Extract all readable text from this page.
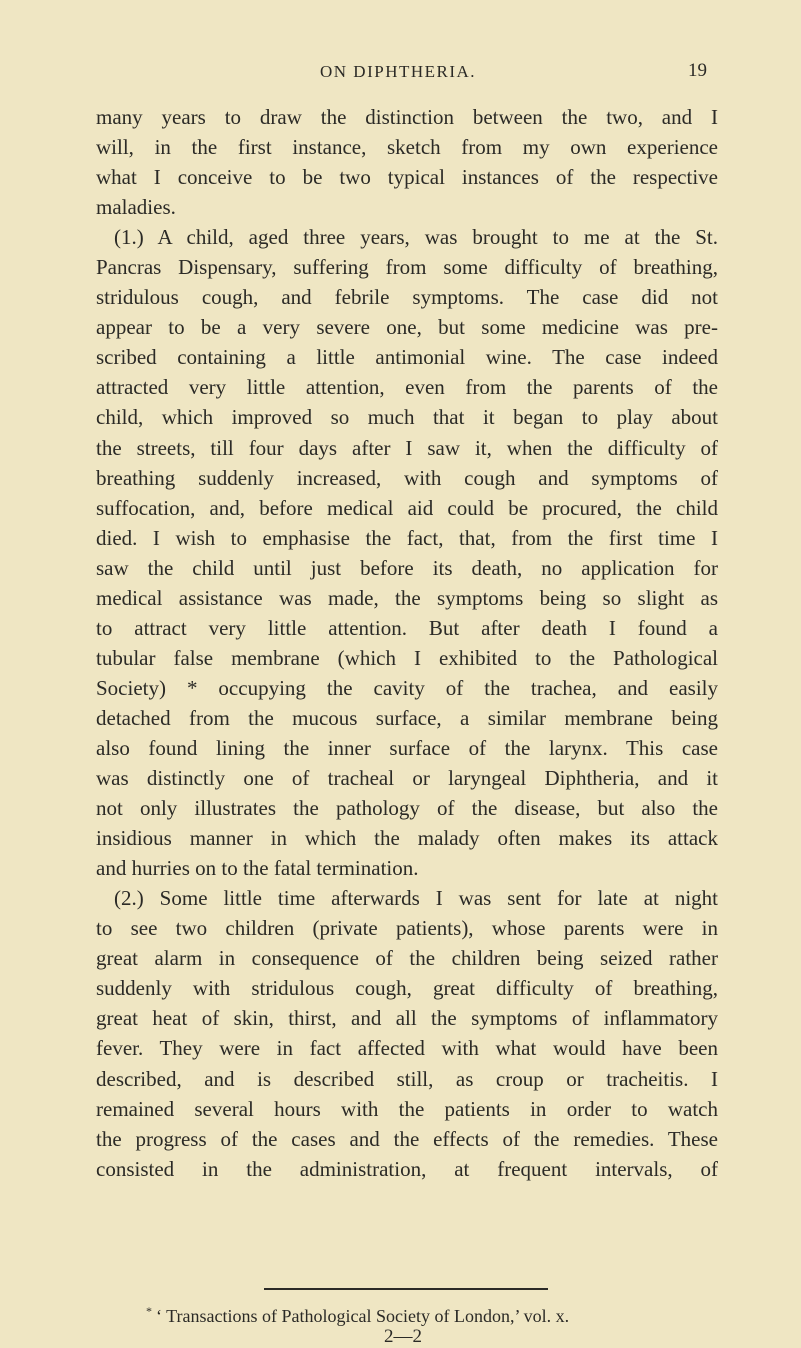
ON DIPHTHERIA.	19
many years to draw the distinction between the two, and I
will, in the first instance, sketch from my own experience
what I conceive to be two typical instances of the respective
maladies.
(1.) A child, aged three years, was brought to me at the St.
Pancras Dispensary, suffering from some difficulty of breathing,
stridulous cough, and febrile symptoms. The case did not
appear to be a very severe one, but some medicine was pre-
scribed containing a little antimonial wine. The case indeed
attracted very little attention, even from the parents of the
child, which improved so much that it began to play about
the streets, till four days after I saw it, when the difficulty of
breathing suddenly increased, with cough and symptoms of
suffocation, and, before medical aid could be procured, the child
died. I wish to emphasise the fact, that, from the first time I
saw the child until just before its death, no application for
medical assistance was made, the symptoms being so slight as
to attract very little attention. But after death I found a
tubular false membrane (which I exhibited to the Pathological
Society) * occupying the cavity of the trachea, and easily
detached from the mucous surface, a similar membrane being
also found lining the inner surface of the larynx. This case
was distinctly one of tracheal or laryngeal Diphtheria, and it
not only illustrates the pathology of the disease, but also the
insidious manner in which the malady often makes its attack
and hurries on to the fatal termination.
(2.) Some little time afterwards I was sent for late at night
to see two children (private patients), whose parents were in
great alarm in consequence of the children being seized rather
suddenly with stridulous cough, great difficulty of breathing,
great heat of skin, thirst, and all the symptoms of inflammatory
fever. They were in fact affected with what would have been
described, and is described still, as croup or tracheitis. I
remained several hours with the patients in order to watch
the progress of the cases and the effects of the remedies. These
consisted in the administration, at frequent intervals, of
* ‘ Transactions of Pathological Society of London,’ vol. x.
2—2
